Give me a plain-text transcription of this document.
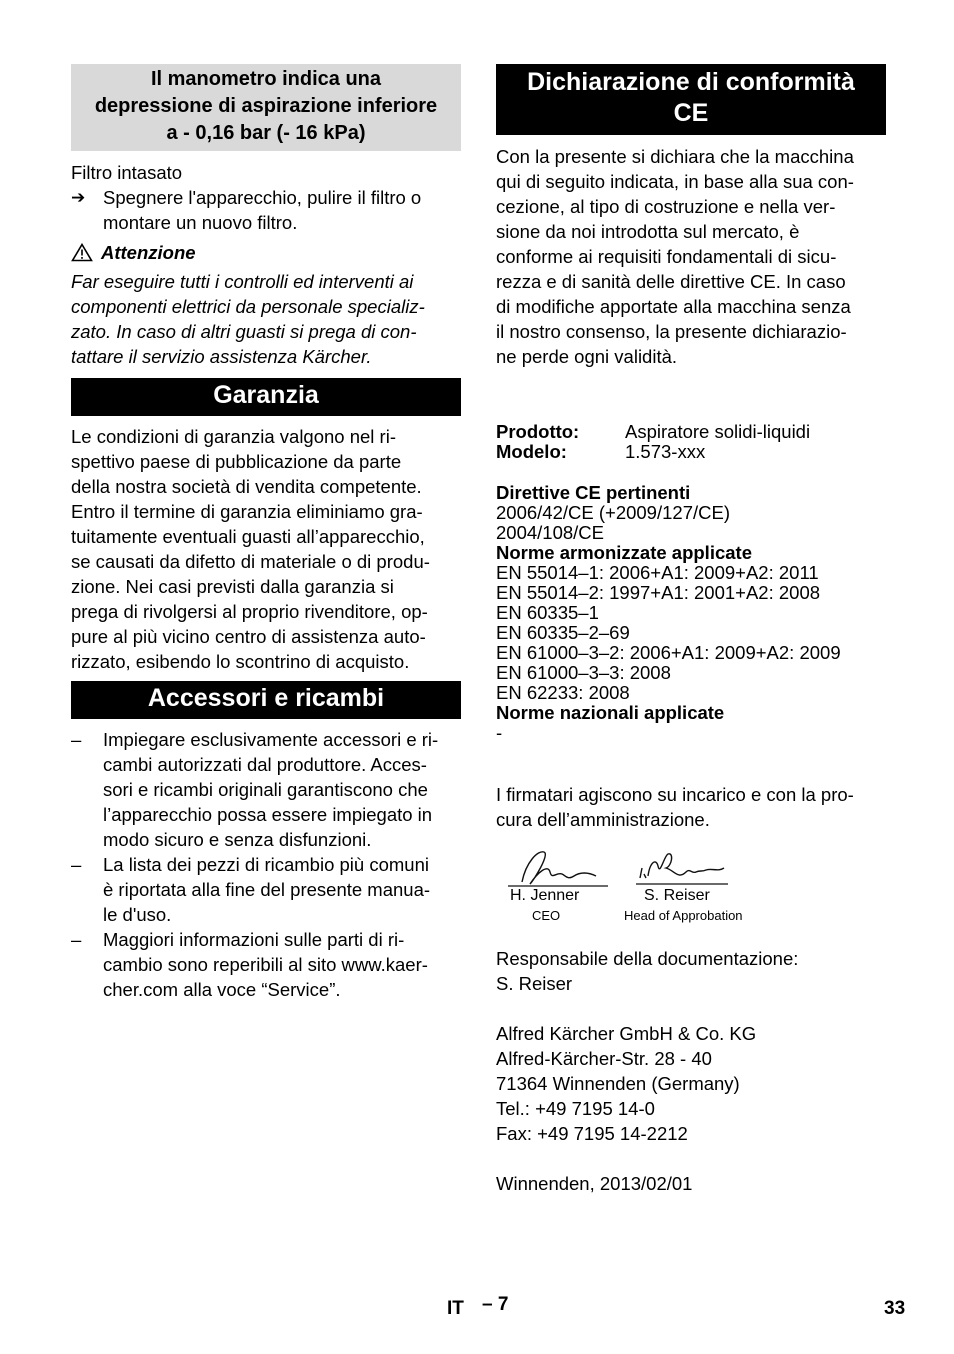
Il manometro indica una
depressione di aspirazione inferiore
a - 0,16 bar (- 16 kPa)

Filtro intasato

➔ Spegnere l'apparecchio, pulire il filtro o
montare un nuovo filtro.
Attenzione
Far eseguire tutti i controlli ed interventi ai
componenti elettrici da personale specializ-
zato. In caso di altri guasti si prega di con-
tattare il servizio assistenza Kärcher.
Garanzia
Le condizioni di garanzia valgono nel ri-
spettivo paese di pubblicazione da parte
della nostra società di vendita competente.
Entro il termine di garanzia eliminiamo gra-
tuitamente eventuali guasti all’apparecchio,
se causati da difetto di materiale o di produ-
zione. Nei casi previsti dalla garanzia si
prega di rivolgersi al proprio rivenditore, op-
pure al più vicino centro di assistenza auto-
rizzato, esibendo lo scontrino di acquisto.
Accessori e ricambi
–	Impiegare esclusivamente accessori e ri-
cambi autorizzati dal produttore. Acces-
sori e ricambi originali garantiscono che
l’apparecchio possa essere impiegato in
modo sicuro e senza disfunzioni.
–	La lista dei pezzi di ricambio più comuni
è riportata alla fine del presente manua-
le d'uso.
–	Maggiori informazioni sulle parti di ri-
cambio sono reperibili al sito www.kaer-
cher.com alla voce “Service”.
Dichiarazione di conformità
CE
Con la presente si dichiara che la macchina
qui di seguito indicata, in base alla sua con-
cezione, al tipo di costruzione e nella ver-
sione da noi introdotta sul mercato, è
conforme ai requisiti fondamentali di sicu-
rezza e di sanità delle direttive CE. In caso
di modifiche apportate alla macchina senza
il nostro consenso, la presente dichiarazio-
ne perde ogni validità.
Prodotto:	Aspiratore solidi-liquidi
Modelo:	1.573-xxx
Direttive CE pertinenti
2006/42/CE (+2009/127/CE)
2004/108/CE
Norme armonizzate applicate
EN 55014–1: 2006+A1: 2009+A2: 2011
EN 55014–2: 1997+A1: 2001+A2: 2008
EN 60335–1
EN 60335–2–69
EN 61000–3–2: 2006+A1: 2009+A2: 2009
EN 61000–3–3: 2008
EN 62233: 2008
Norme nazionali applicate
-
I firmatari agiscono su incarico e con la pro-
cura dell’amministrazione.
H. Jenner
CEO
S. Reiser
Head of Approbation
Responsabile della documentazione:
S. Reiser
Alfred Kärcher GmbH & Co. KG
Alfred-Kärcher-Str. 28 - 40
71364 Winnenden (Germany)
Tel.: +49 7195 14-0
Fax: +49 7195 14-2212
Winnenden, 2013/02/01
IT – 7	33
